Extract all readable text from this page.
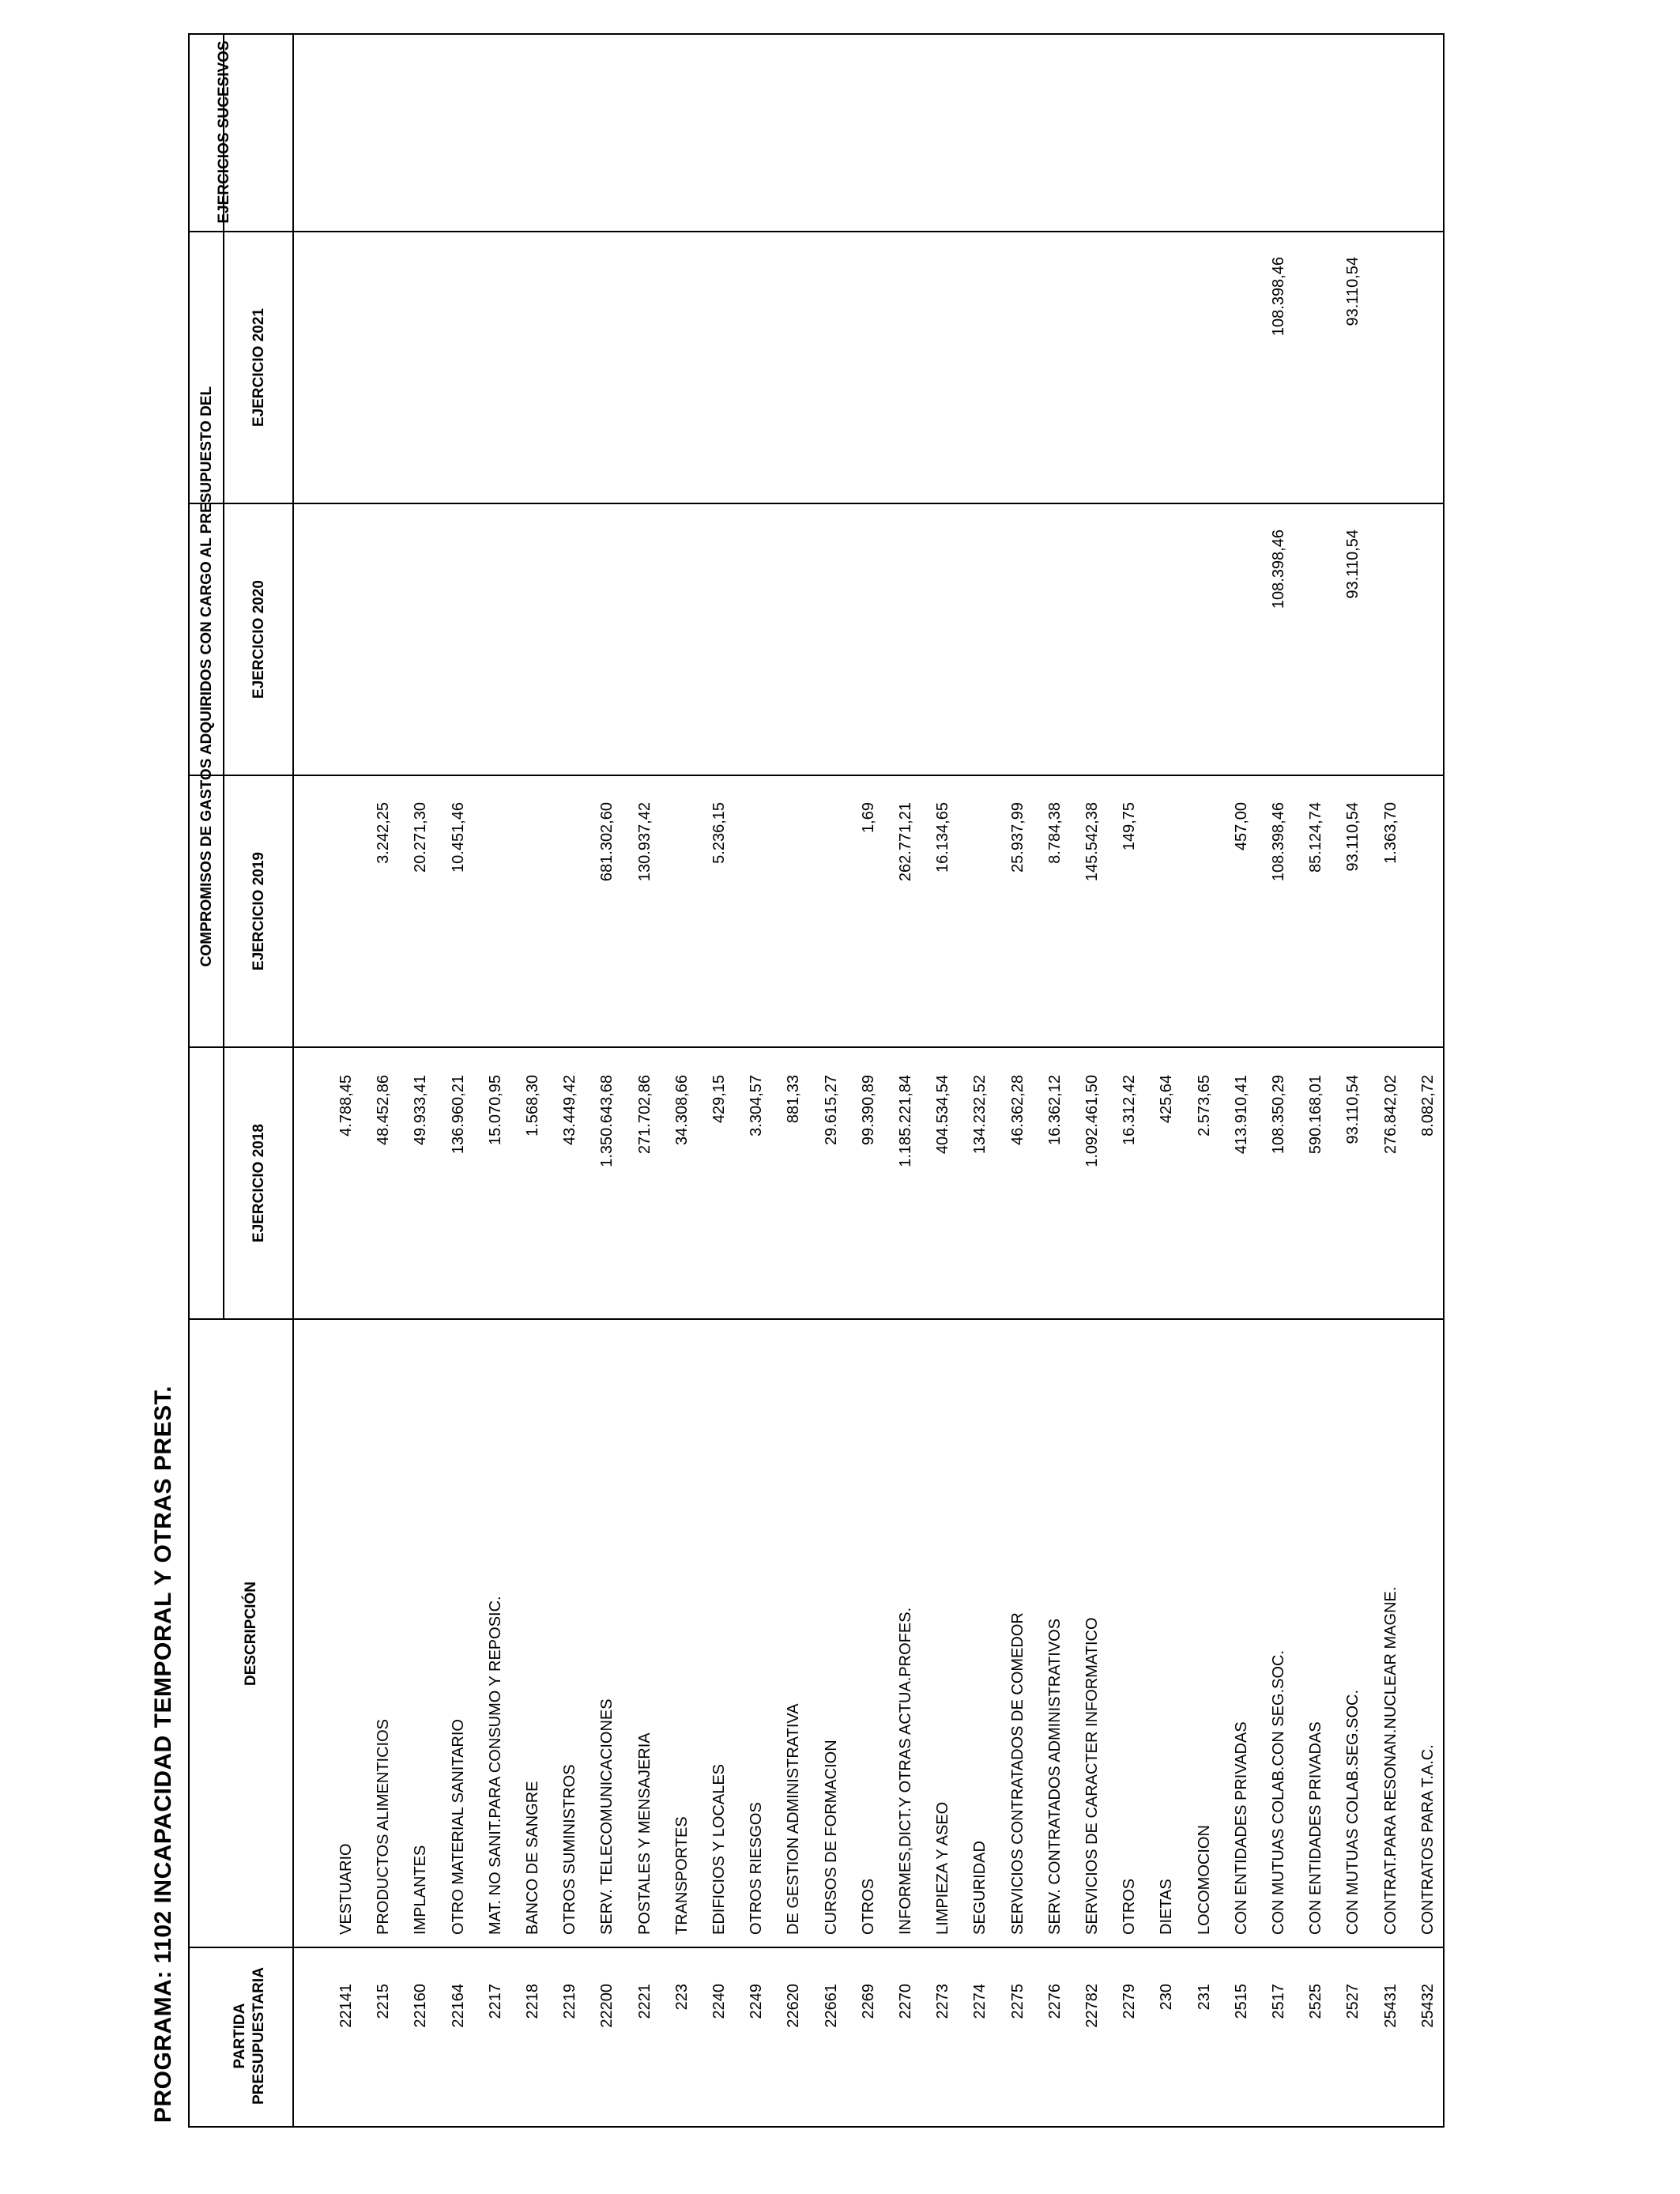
PROGRAMA: 1102 INCAPACIDAD TEMPORAL Y OTRAS PREST.	PARTIDA PRESUPUESTARIA
DESCRIPCIÓN
COMPROMISOS DE GASTOS ADQUIRIDOS CON CARGO AL PRESUPUESTO DEL
EJERCICIO 2018
EJERCICIO 2019
EJERCICIO 2020
EJERCICIO 2021
EJERCICIOS SUCESIVOS
22141
VESTUARIO
4.788,45
2215
PRODUCTOS ALIMENTICIOS
48.452,86
3.242,25
22160
IMPLANTES
49.933,41
20.271,30
22164
OTRO MATERIAL SANITARIO
136.960,21
10.451,46
2217
MAT. NO SANIT.PARA CONSUMO Y REPOSIC.
15.070,95
2218
BANCO DE SANGRE
1.568,30
2219
OTROS SUMINISTROS
43.449,42
22200
SERV. TELECOMUNICACIONES
1.350.643,68
681.302,60
2221
POSTALES Y MENSAJERIA
271.702,86
130.937,42
223
TRANSPORTES
34.308,66
2240
EDIFICIOS Y LOCALES
429,15
5.236,15
2249
OTROS RIESGOS
3.304,57
22620
DE GESTION ADMINISTRATIVA
881,33
22661
CURSOS DE FORMACION
29.615,27
2269
OTROS
99.390,89
1,69
2270
INFORMES,DICT.Y OTRAS ACTUA.PROFES.
1.185.221,84
262.771,21
2273
LIMPIEZA Y ASEO
404.534,54
16.134,65
2274
SEGURIDAD
134.232,52
2275
SERVICIOS CONTRATADOS DE COMEDOR
46.362,28
25.937,99
2276
SERV. CONTRATADOS ADMINISTRATIVOS
16.362,12
8.784,38
22782
SERVICIOS DE CARACTER INFORMATICO
1.092.461,50
145.542,38
2279
OTROS
16.312,42
149,75
230
DIETAS
425,64
231
LOCOMOCION
2.573,65
2515
CON ENTIDADES PRIVADAS
413.910,41
457,00
2517
CON MUTUAS COLAB.CON SEG.SOC.
108.350,29
108.398,46
108.398,46
108.398,46
2525
CON ENTIDADES PRIVADAS
590.168,01
85.124,74
2527
CON MUTUAS COLAB.SEG.SOC.
93.110,54
93.110,54
93.110,54
93.110,54
25431
CONTRAT.PARA RESONAN.NUCLEAR MAGNE.
276.842,02
1.363,70
25432
CONTRATOS PARA T.A.C.
8.082,72
